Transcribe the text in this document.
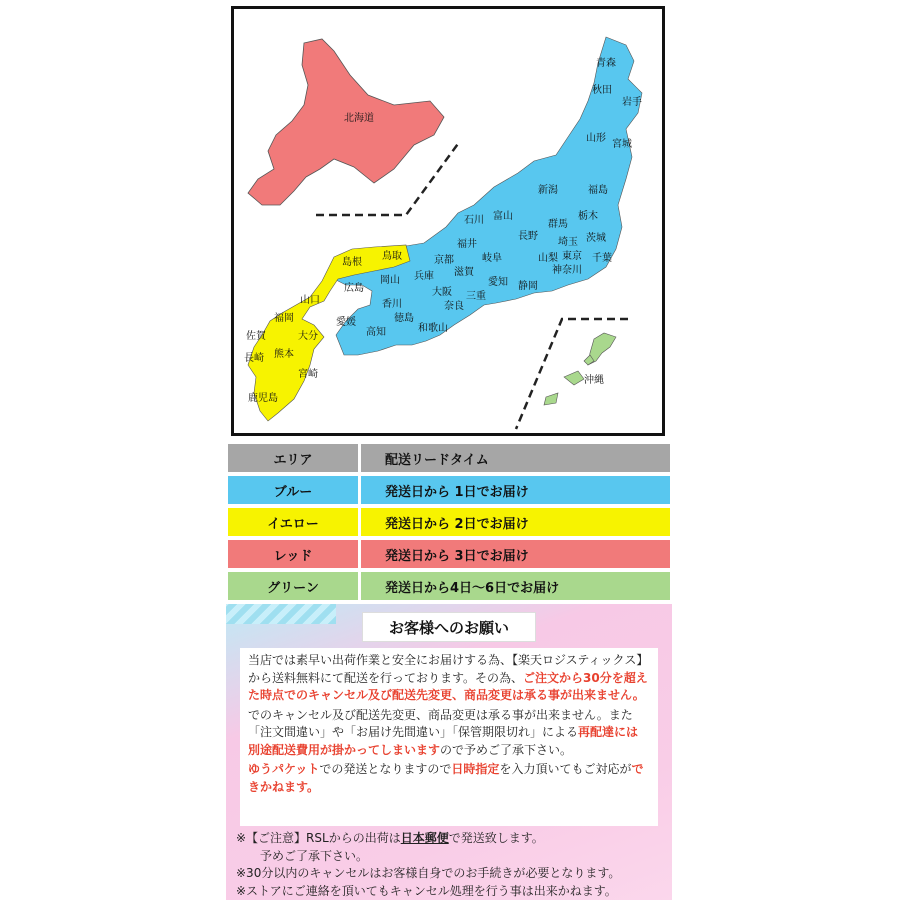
北海道
青森
秋田
岩手
山形
宮城
新潟	福島
石川 富山
群馬
栃木
福井
長野
埼玉 茨城
島根
鳥取	京都	岐阜	山梨 東京 千葉
神奈川
岡山 兵庫 滋賀
愛知 静岡
広島	大阪 三重
山口	香川	奈良
福岡	愛媛	徳島
大分	高知	和歌山
佐賀
熊本
長崎
宮崎
沖縄
鹿児島
エリア	配送リードタイム
ブルー	発送日から 1日でお届け
イエロー	発送日から 2日でお届け
レッド	発送日から 3日でお届け
グリーン	発送日から4日～6日でお届け
お客様へのお願い

当店では素早い出荷作業と安全にお届けする為、【楽天ロジスティックス】から送料無料にて配送を行っております。その為、ご注文から30分を超えた時点でのキャンセル及び配送先変更、商品変更は承る事が出来ません。

でのキャンセル及び配送先変更、商品変更は承る事が出来ません。また「注文間違い」や「お届け先間違い」「保管期限切れ」による再配達には別途配送費用が掛かってしまいますので予めご了承下さい。

ゆうパケットでの発送となりますので日時指定を入力頂いてもご対応ができかねます。

※【ご注意】RSLからの出荷は日本郵便で発送致します。
予めご了承下さい。
※30分以内のキャンセルはお客様自身でのお手続きが必要となります。
※ストアにご連絡を頂いてもキャンセル処理を行う事は出来かねます。
